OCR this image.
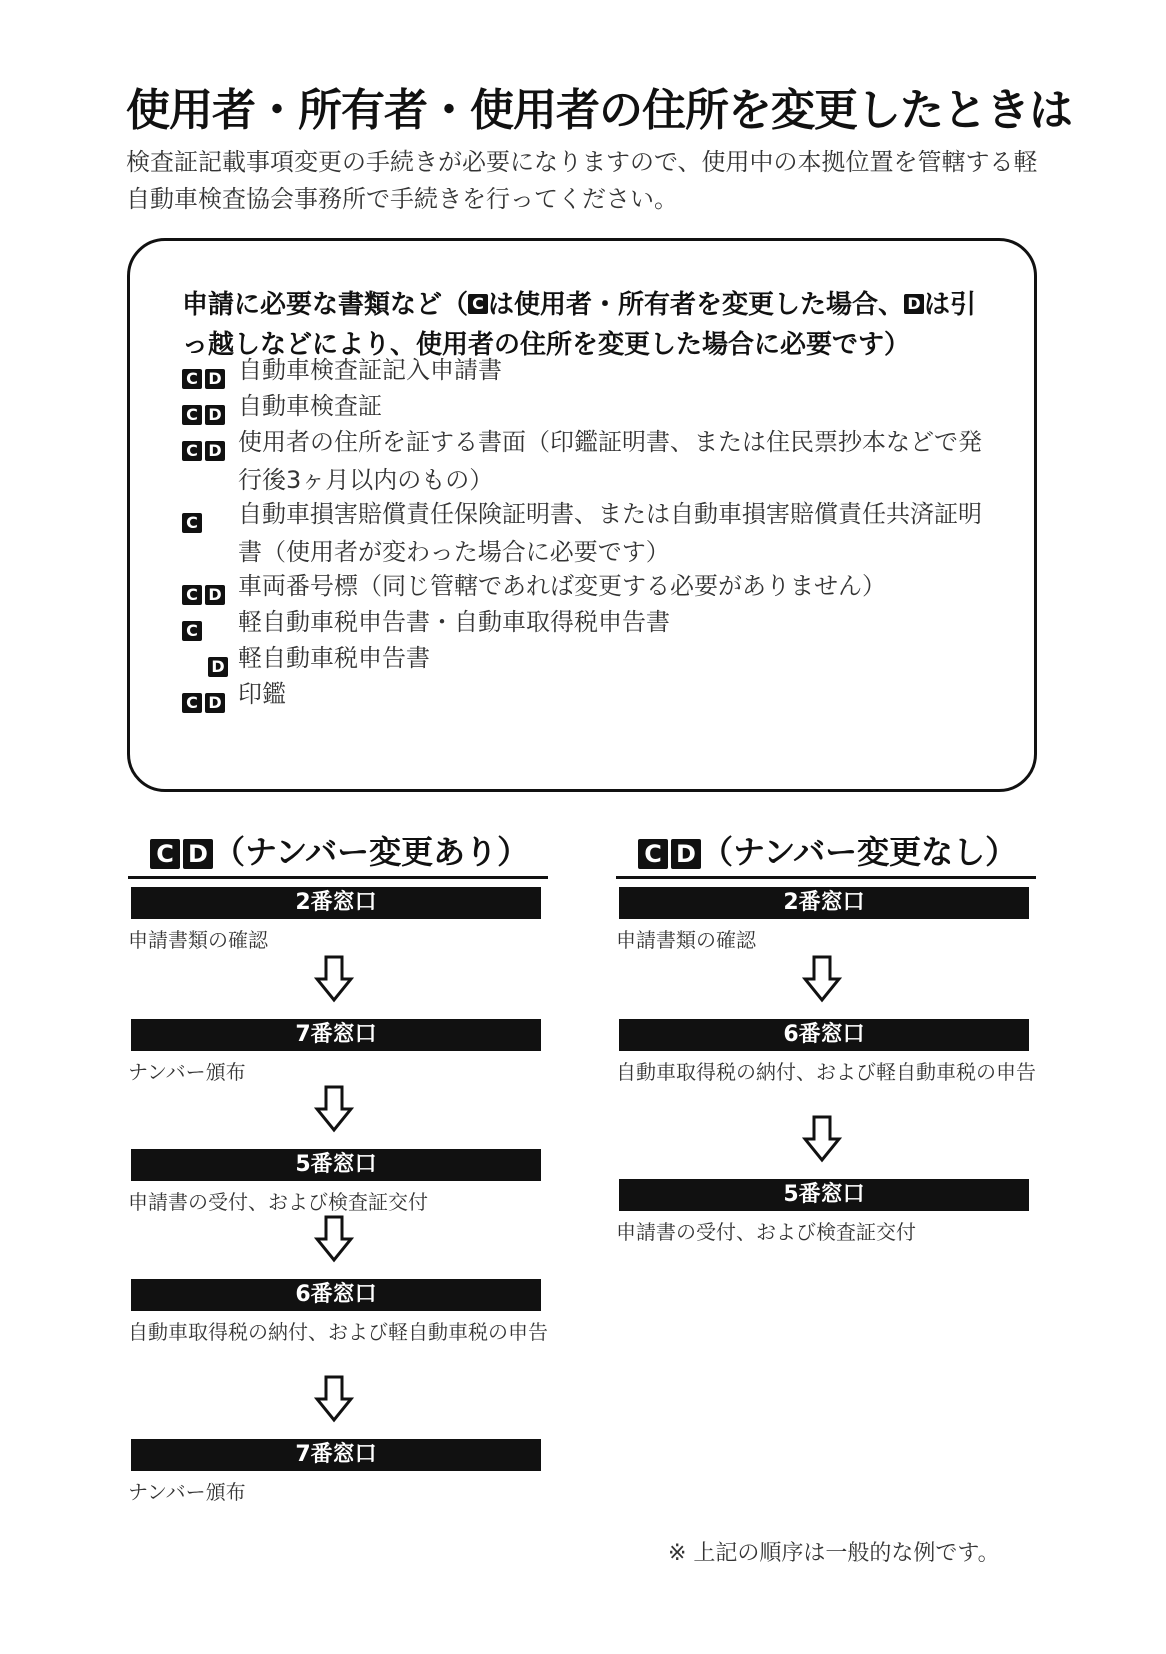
使用者・所有者・使用者の住所を変更したときは
検査証記載事項変更の手続きが必要になりますので、使用中の本拠位置を管轄する軽自動車検査協会事務所で手続きを行ってください。
申請に必要な書類など（ C は使用者・所有者を変更した場合、 D は引っ越しなどにより、使用者の住所を変更した場合に必要です）
C D 自動車検査証記入申請書
C D 自動車検査証
C D 使用者の住所を証する書面（印鑑証明書、または住民票抄本などで発行後3ヶ月以内のもの）
C 自動車損害賠償責任保険証明書、または自動車損害賠償責任共済証明書（使用者が変わった場合に必要です）
C D 車両番号標（同じ管轄であれば変更する必要がありません）
C 軽自動車税申告書・自動車取得税申告書
D 軽自動車税申告書
C D 印鑑
C D （ナンバー変更あり）
2番窓口
申請書類の確認
7番窓口
ナンバー頒布
5番窓口
申請書の受付、および検査証交付
6番窓口
自動車取得税の納付、および軽自動車税の申告
7番窓口
ナンバー頒布
C D （ナンバー変更なし）
2番窓口
申請書類の確認
6番窓口
自動車取得税の納付、および軽自動車税の申告
5番窓口
申請書の受付、および検査証交付
※ 上記の順序は一般的な例です。
